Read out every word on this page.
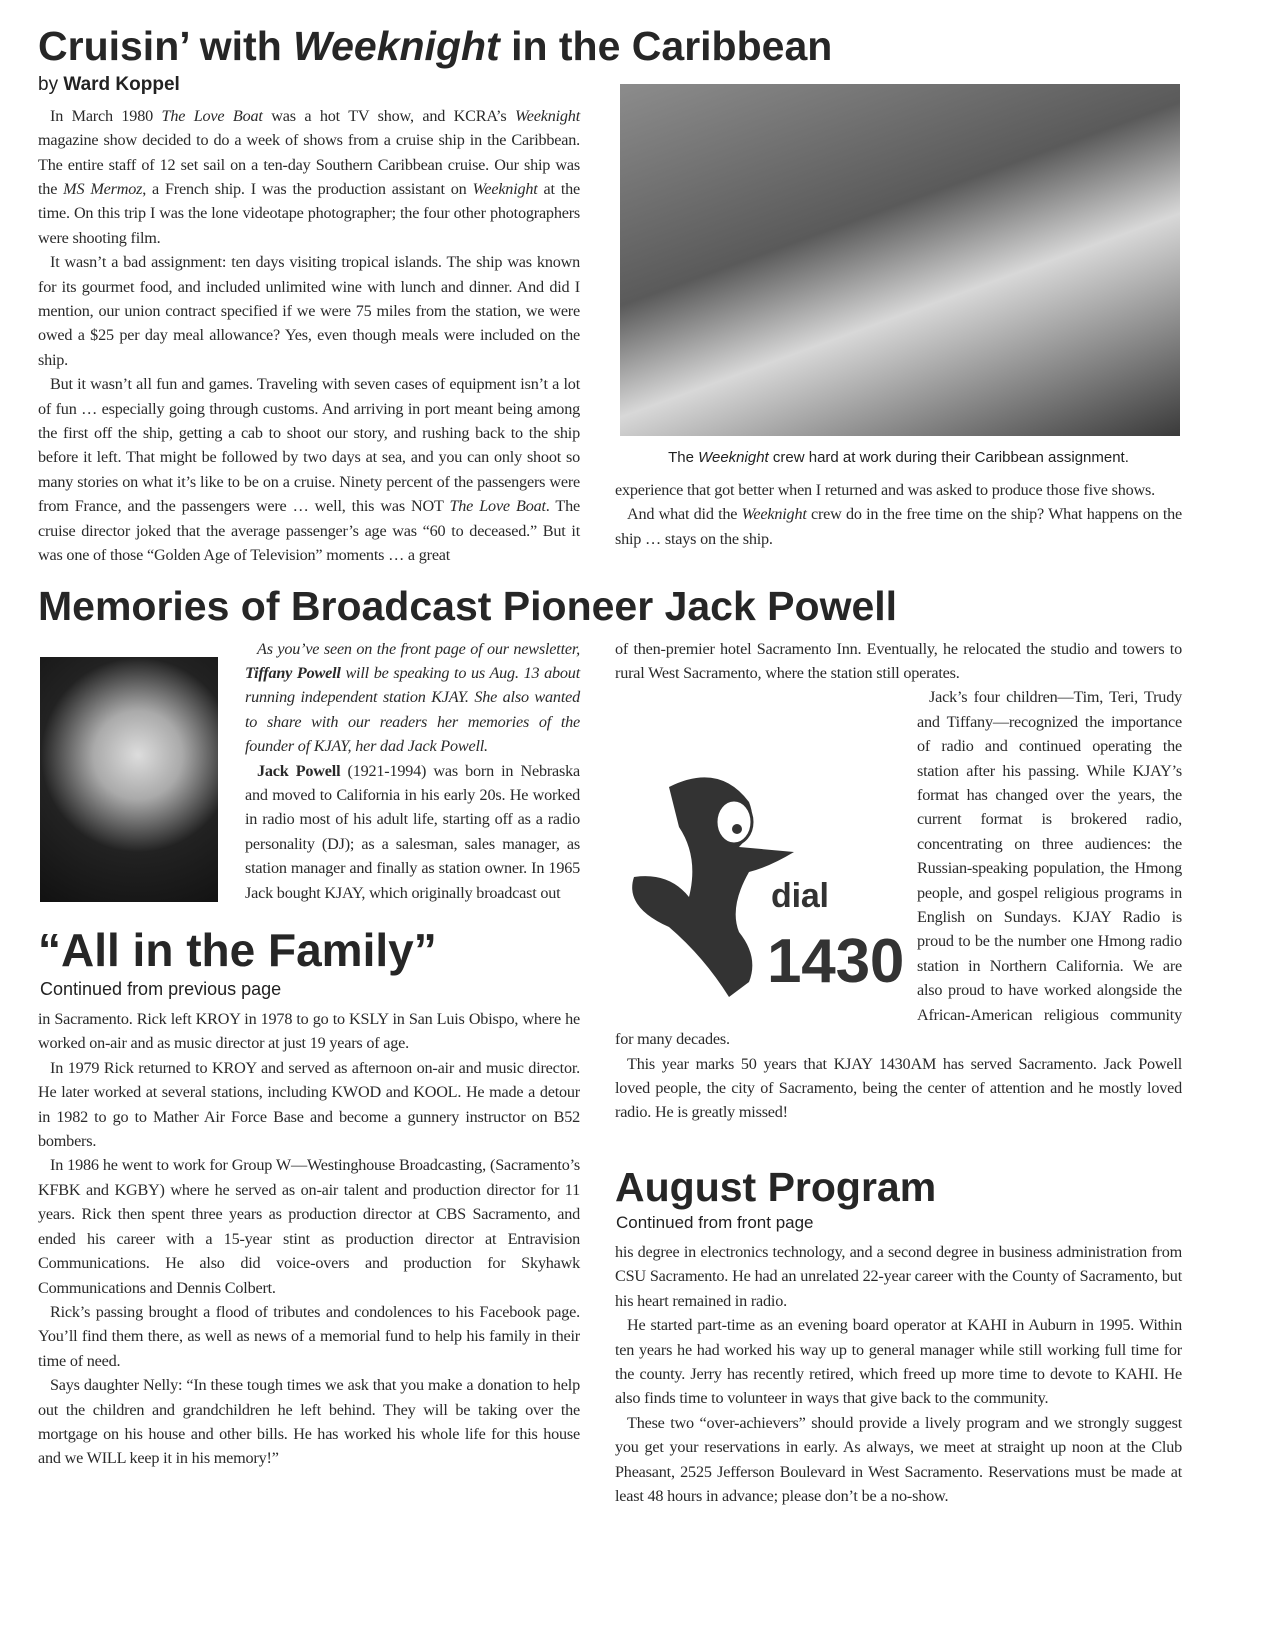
Cruisin’ with Weeknight in the Caribbean
by Ward Koppel

In March 1980 The Love Boat was a hot TV show, and KCRA’s Weeknight magazine show decided to do a week of shows from a cruise ship in the Caribbean. The entire staff of 12 set sail on a ten-day Southern Caribbean cruise. Our ship was the MS Mermoz, a French ship. I was the production assistant on Weeknight at the time. On this trip I was the lone videotape photographer; the four other photographers were shooting film.

It wasn’t a bad assignment: ten days visiting tropical islands. The ship was known for its gourmet food, and included unlimited wine with lunch and dinner. And did I mention, our union contract specified if we were 75 miles from the station, we were owed a $25 per day meal allowance? Yes, even though meals were included on the ship.

But it wasn’t all fun and games. Traveling with seven cases of equipment isn’t a lot of fun … especially going through customs. And arriving in port meant being among the first off the ship, getting a cab to shoot our story, and rushing back to the ship before it left. That might be followed by two days at sea, and you can only shoot so many stories on what it’s like to be on a cruise. Ninety percent of the passengers were from France, and the passengers were … well, this was NOT The Love Boat. The cruise director joked that the average passenger’s age was “60 to deceased.” But it was one of those “Golden Age of Television” moments … a great

The Weeknight crew hard at work during their Caribbean assignment.

experience that got better when I returned and was asked to produce those five shows.

And what did the Weeknight crew do in the free time on the ship? What happens on the ship … stays on the ship.

Memories of Broadcast Pioneer Jack Powell

As you’ve seen on the front page of our newsletter, Tiffany Powell will be speaking to us Aug. 13 about running independent station KJAY. She also wanted to share with our readers her memories of the founder of KJAY, her dad Jack Powell.

Jack Powell (1921-1994) was born in Nebraska and moved to California in his early 20s. He worked in radio most of his adult life, starting off as a radio personality (DJ); as a salesman, sales manager, as station manager and finally as station owner. In 1965 Jack bought KJAY, which originally broadcast out

“All in the Family”
Continued from previous page

in Sacramento. Rick left KROY in 1978 to go to KSLY in San Luis Obispo, where he worked on-air and as music director at just 19 years of age.

In 1979 Rick returned to KROY and served as afternoon on-air and music director. He later worked at several stations, including KWOD and KOOL. He made a detour in 1982 to go to Mather Air Force Base and become a gunnery instructor on B52 bombers.

In 1986 he went to work for Group W—Westinghouse Broadcasting, (Sacramento’s KFBK and KGBY) where he served as on-air talent and production director for 11 years. Rick then spent three years as production director at CBS Sacramento, and ended his career with a 15-year stint as production director at Entravision Communications. He also did voice-overs and production for Skyhawk Communications and Dennis Colbert.

Rick’s passing brought a flood of tributes and condolences to his Facebook page. You’ll find them there, as well as news of a memorial fund to help his family in their time of need.

Says daughter Nelly: “In these tough times we ask that you make a donation to help out the children and grandchildren he left behind. They will be taking over the mortgage on his house and other bills. He has worked his whole life for this house and we WILL keep it in his memory!”

of then-premier hotel Sacramento Inn. Eventually, he relocated the studio and towers to rural West Sacramento, where the station still operates.

dial
1430

Jack’s four children—Tim, Teri, Trudy and Tiffany—recognized the importance of radio and continued operating the station after his passing. While KJAY’s format has changed over the years, the current format is brokered radio, concentrating on three audiences: the Russian-speaking population, the Hmong people, and gospel religious programs in English on Sundays. KJAY Radio is proud to be the number one Hmong radio station in Northern California. We are also proud to have worked alongside the African-American religious community for many decades.

This year marks 50 years that KJAY 1430AM has served Sacramento. Jack Powell loved people, the city of Sacramento, being the center of attention and he mostly loved radio. He is greatly missed!

August Program
Continued from front page

his degree in electronics technology, and a second degree in business administration from CSU Sacramento. He had an unrelated 22-year career with the County of Sacramento, but his heart remained in radio.

He started part-time as an evening board operator at KAHI in Auburn in 1995. Within ten years he had worked his way up to general manager while still working full time for the county. Jerry has recently retired, which freed up more time to devote to KAHI. He also finds time to volunteer in ways that give back to the community.

These two “over-achievers” should provide a lively program and we strongly suggest you get your reservations in early. As always, we meet at straight up noon at the Club Pheasant, 2525 Jefferson Boulevard in West Sacramento. Reservations must be made at least 48 hours in advance; please don’t be a no-show.
